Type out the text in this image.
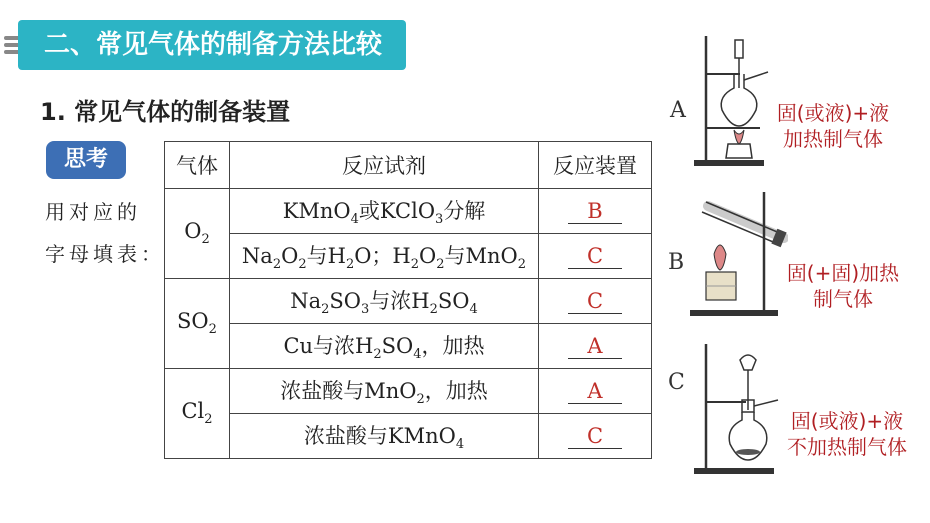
二、常见气体的制备方法比较
1. 常见气体的制备装置
思考
用对应的
字母填表：
气体	反应试剂	反应装置
$O_2$	KMnO$_4$或KClO$_3$分解	B
	$Na_2O_2$与$H_2O$；$H_2O_2$与MnO$_2$	C
$SO_2$	$Na_2SO_3$与浓$H_2SO_4$	C
	Cu与浓$H_2SO_4$，加热	A
$Cl_2$	浓盐酸与MnO$_2$，加热	A
	浓盐酸与KMnO$_4$	C
A	固(或液)+液
加热制气体
B	固(+固)加热
制气体
C
固(或液)+液
不加热制气体
